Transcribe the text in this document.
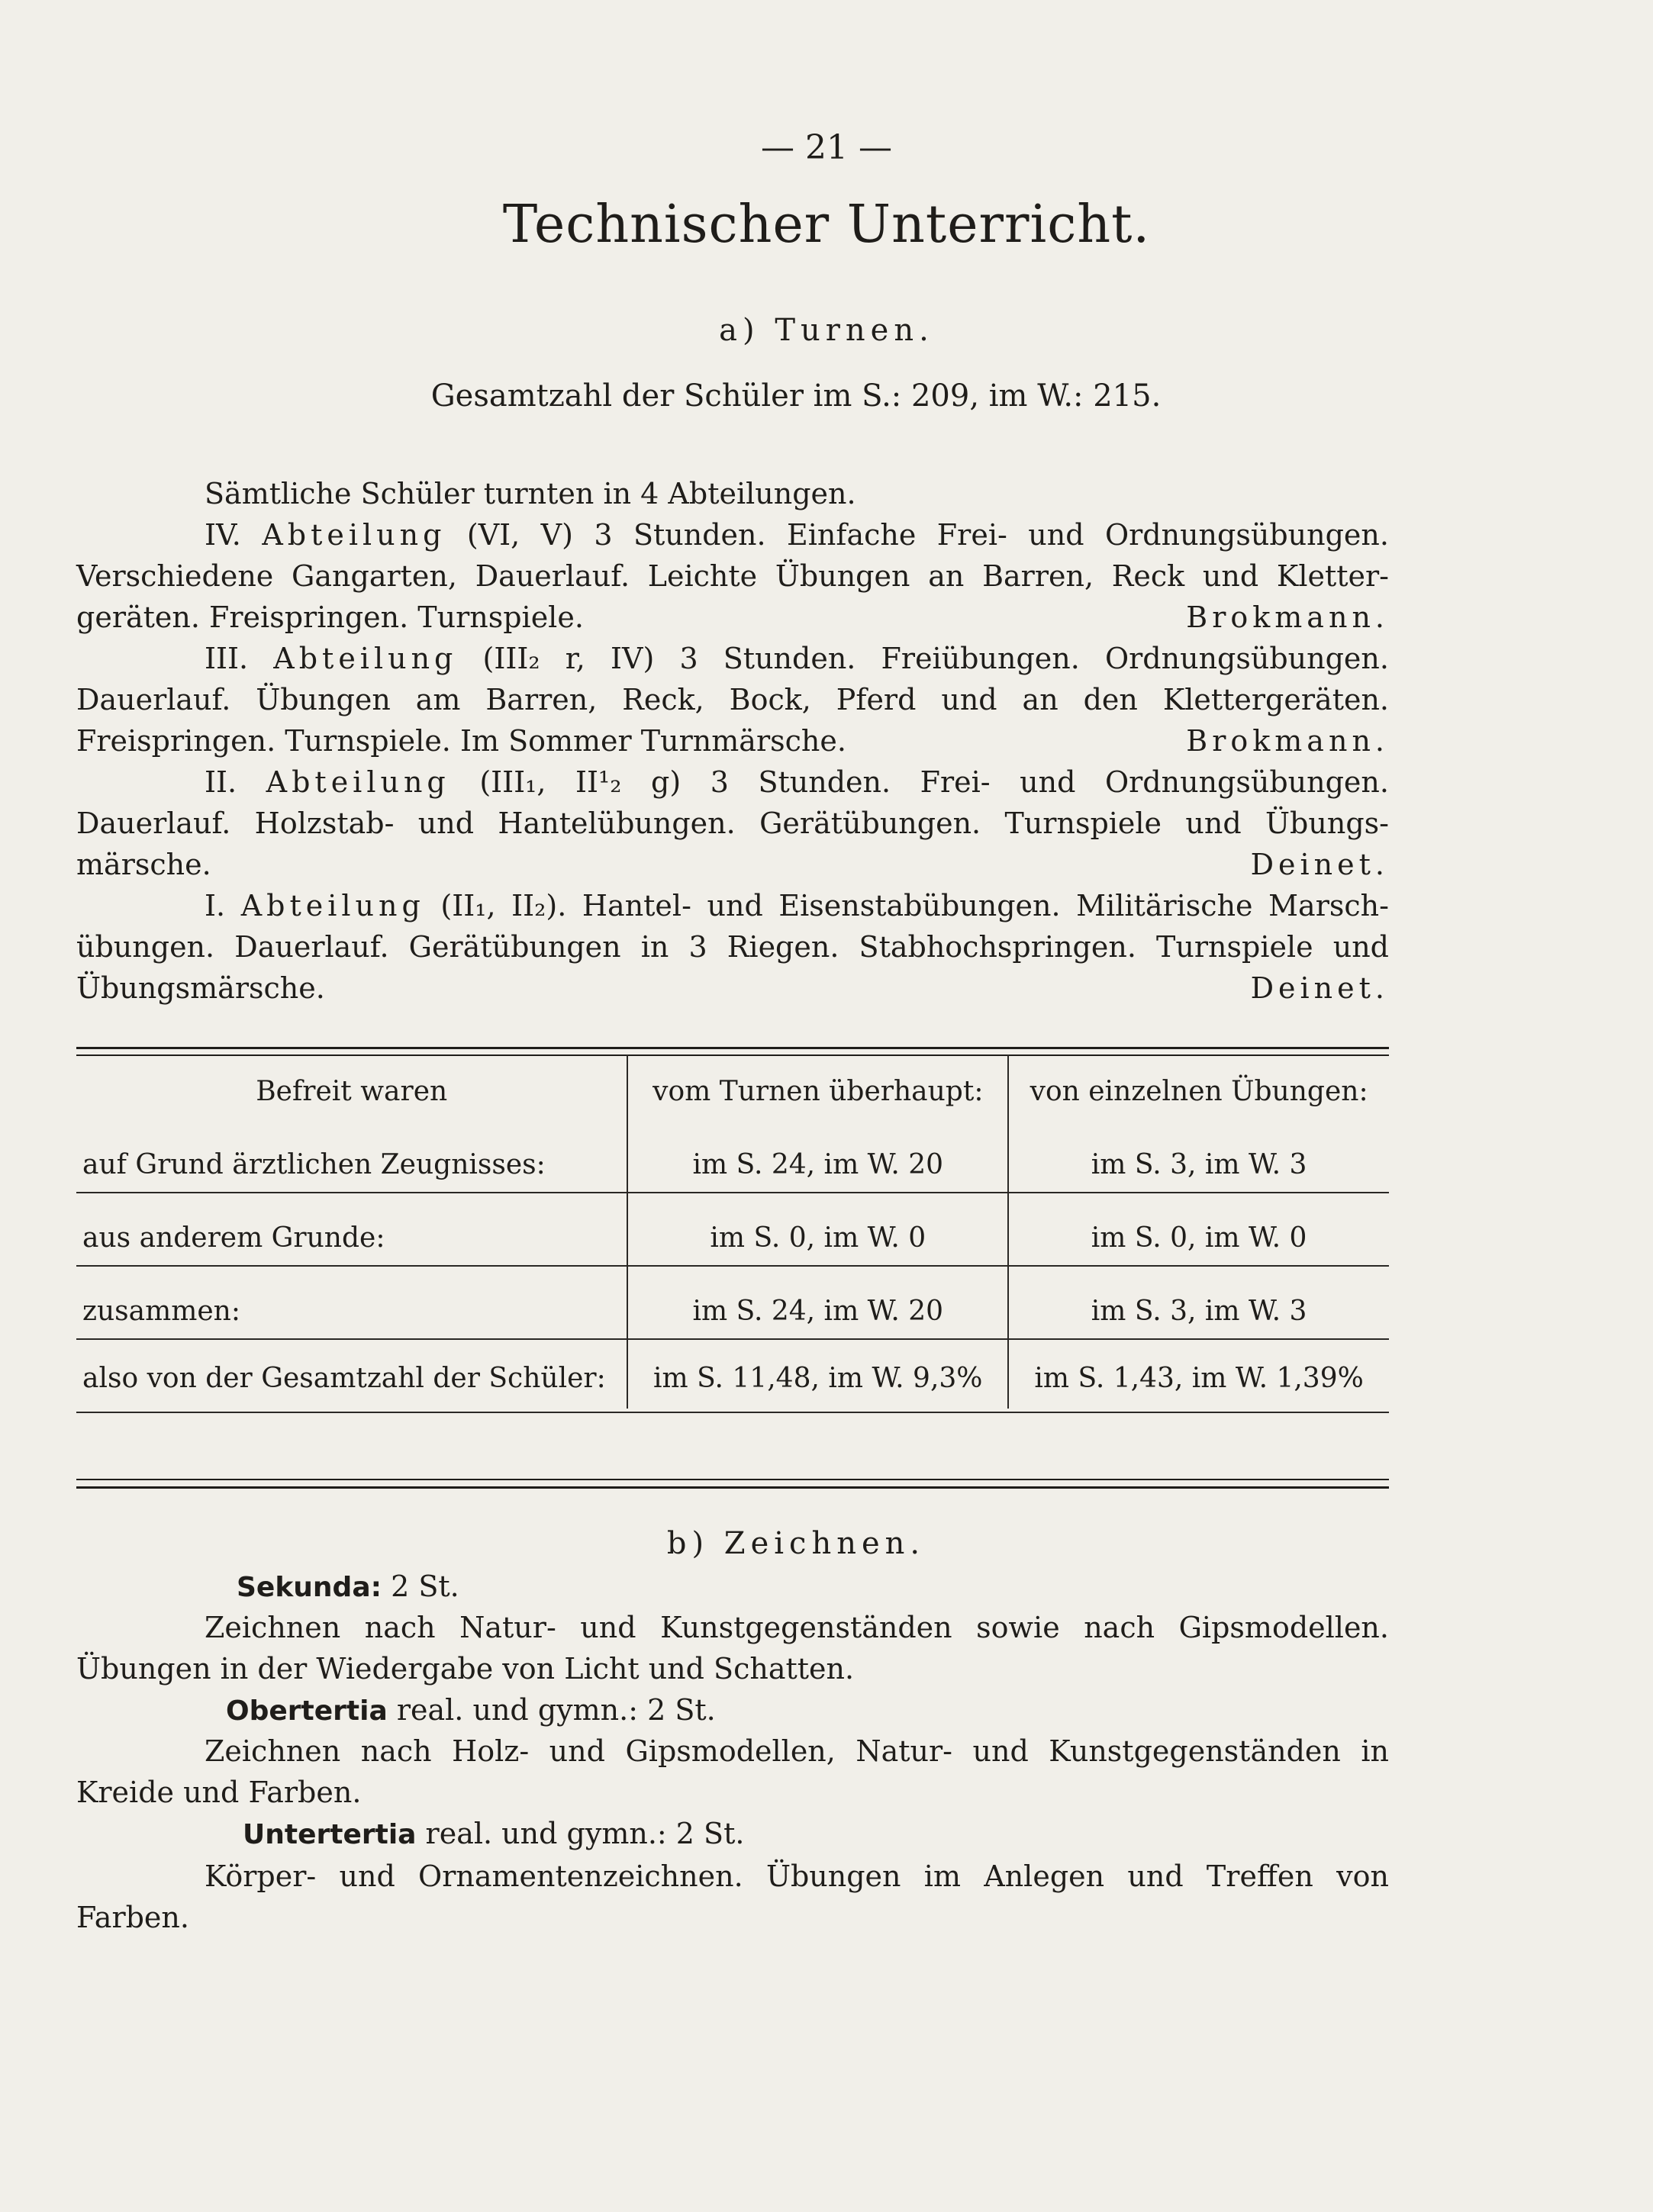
— 21 —
Technischer Unterricht.
a) Turnen.
Gesamtzahl der Schüler im S.: 209, im W.: 215.
Sämtliche Schüler turnten in 4 Abteilungen.
IV. Abteilung (VI, V) 3 Stunden. Einfache Frei- und Ordnungsübungen.
Verschiedene Gangarten, Dauerlauf. Leichte Übungen an Barren, Reck und Kletter-
geräten. Freispringen. Turnspiele.	Brokmann.
III. Abteilung (III₂ r, IV) 3 Stunden. Freiübungen. Ordnungsübungen.
Dauerlauf. Übungen am Barren, Reck, Bock, Pferd und an den Klettergeräten.
Freispringen. Turnspiele. Im Sommer Turnmärsche.	Brokmann.
II. Abteilung (III₁, II¹₂ g) 3 Stunden. Frei- und Ordnungsübungen.
Dauerlauf. Holzstab- und Hantelübungen. Gerätübungen. Turnspiele und Übungs-
märsche.	Deinet.
I. Abteilung (II₁, II₂). Hantel- und Eisenstabübungen. Militärische Marsch-
übungen. Dauerlauf. Gerätübungen in 3 Riegen. Stabhochspringen. Turnspiele und
Übungsmärsche.	Deinet.
Befreit waren	vom Turnen überhaupt:	von einzelnen Übungen:
auf Grund ärztlichen Zeugnisses:	im S. 24, im W. 20	im S. 3, im W. 3
aus anderem Grunde:	im S. 0, im W. 0	im S. 0, im W. 0
zusammen:	im S. 24, im W. 20	im S. 3, im W. 3
also von der Gesamtzahl der Schüler:	im S. 11,48, im W. 9,3%	im S. 1,43, im W. 1,39%
b) Zeichnen.
Sekunda: 2 St.
Zeichnen nach Natur- und Kunstgegenständen sowie nach Gipsmodellen.
Übungen in der Wiedergabe von Licht und Schatten.
Obertertia real. und gymn.: 2 St.
Zeichnen nach Holz- und Gipsmodellen, Natur- und Kunstgegenständen in
Kreide und Farben.
Untertertia real. und gymn.: 2 St.
Körper- und Ornamentenzeichnen. Übungen im Anlegen und Treffen von
Farben.
